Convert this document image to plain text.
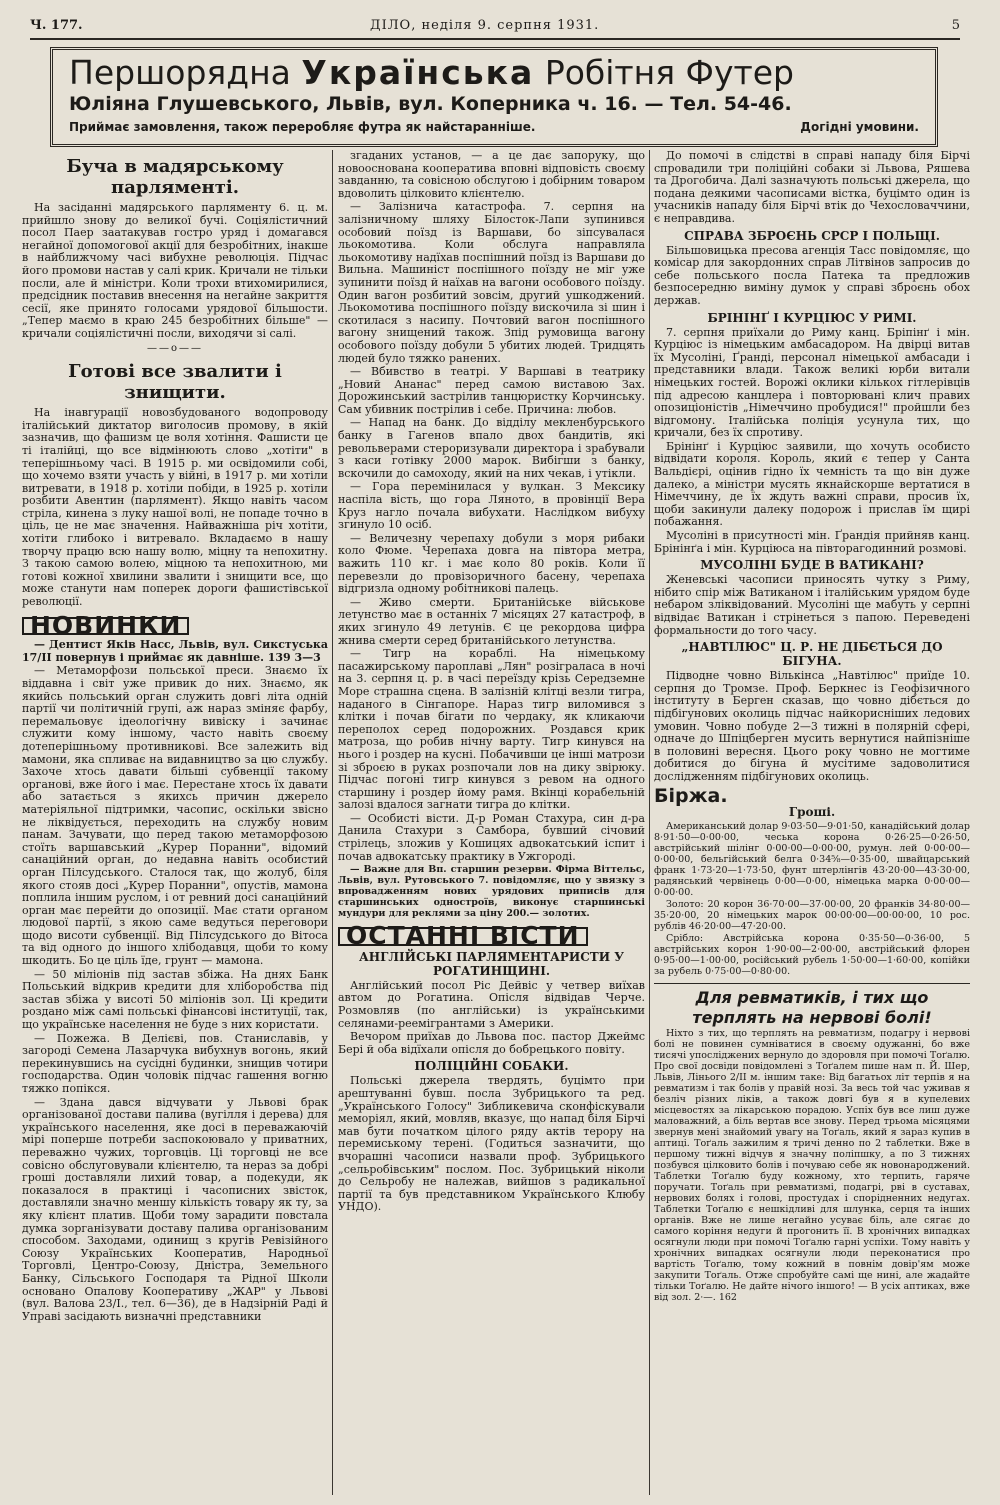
Ч. 177.	ДІЛО, неділя 9. серпня 1931.	5
Першорядна Українська Робітня Футер
Юліяна Глушевського, Львів, вул. Коперника ч. 16. — Тел. 54-46.
Приймає замовлення, також переробляє футра як найстаранніше.	Догідні умовини.
Буча в мадярському парляменті.

На засіданні мадярського парляменту 6. ц. м. прийшло знову до великої бучі. Соціялістичний посол Паер заатакував гостро уряд і домагався негайної допомогової акції для безробітних, інакше в найближчому часі вибухне революція. Підчас його промови настав у салі крик. Кричали не тільки посли, але й міністри. Коли трохи втихомирилися, предсідник поставив внесення на негайне закриття сесії, яке принято голосами урядової більшости. „Тепер маємо в краю 245 безробітних більше" — кричали соціялістичні посли, виходячи зі салі.

——o——
Готові все звалити і знищити.

На інавгурації новозбудованого водопроводу італійський диктатор виголосив промову, в якій зазначив, що фашизм це воля хотіння. Фашисти це ті італійці, що все відмінюють слово „хотіти" в теперішньому часі. В 1915 р. ми освідомили собі, що хочемо взяти участь у війні, в 1917 р. ми хотіли витревати, в 1918 р. хотіли побіди, в 1925 р. хотіли розбити Авентин (парлямент). Якщо навіть часом стріла, кинена з луку нашої волі, не попаде точно в ціль, це не має значення. Найважніша річ хотіти, хотіти глибоко і витревало. Вкладаємо в нашу творчу працю всю нашу волю, міцну та непохитну. З такою самою волею, міцною та непохитною, ми готові кожної хвилини звалити і знищити все, що може станути нам поперек дороги фашистівської революції.

НОВИНКИ

— Дентист Яків Насс, Львів, вул. Сикстуська 17/ІІ повернув і приймає як давніше. 139 3—3

— Метаморфози польської преси. Знаємо їх віддавна і світ уже привик до них. Знаємо, як якийсь польський орган служить довгі літа одній партії чи політичній групі, аж нараз зміняє фарбу, перемальовує ідеологічну вивіску і зачинає служити кому іншому, часто навіть своєму дотеперішньому противникові. Все залежить від мамони, яка спливає на видавництво за цю службу. Захоче хтось давати більші субвенції такому органові, вже його і має. Перестане хтось їх давати або затається з якихсь причин джерело матеріяльної підтримки, часопис, оскільки звісно не ліквідується, переходить на службу новим панам. Зачувати, що перед такою метаморфозою стоїть варшавський „Курер Поранни", відомий санаційний орган, до недавна навіть особистий орган Пілсудського. Сталося так, що жолуб, біля якого стояв досі „Курер Поранни", опустів, мамона поплила іншим руслом, і от ревний досі санаційний орган має перейти до опозиції. Має стати органом людової партії, з якою саме ведуться переговори щодо висоти субвенції. Від Пілсудського до Вітоса та від одного до іншого хлібодавця, щоби то кому шкодить. Бо це ціль їде, грунт — мамона.

— 50 міліонів під застав збіжа. На днях Банк Польський відкрив кредити для хліборобства під застав збіжа у висоті 50 міліонів зол. Ці кредити роздано між самі польські фінансові інституції, так, що українське населення не буде з них користати.

— Пожежа. В Делієві, пов. Станиславів, у загороді Семена Лазарчука вибухнув вогонь, який перекинувшись на сусідні будинки, знищив чотири господарства. Один чоловік підчас гашення вогню тяжко попікся.

— Здана дався відчувати у Львові брак організованої достави палива (вугілля і дерева) для українського населення, яке досі в переважаючій мірі поперше потреби заспокоювало у приватних, переважно чужих, торговців. Ці торговці не все совісно обслуговували клієнтелю, та нераз за добрі гроші доставляли лихий товар, а подекуди, як показалося в практиці і часописних звісток, доставляли значно меншу кількість товару як ту, за яку клієнт платив. Щоби тому зарадити повстала думка зорганізувати доставу палива організованим способом. Заходами, одинищ з кругів Ревізійного Союзу Українських Кооператив, Народньої Торговлі, Центро-Союзу, Дністра, Земельного Банку, Сільського Господаря та Рідної Школи основано Опалову Кооперативу „ЖАР" у Львові (вул. Валова 23/І., тел. 6—36), де в Надзірній Раді й Управі засідають визначні представники

згаданих установ, — а це дає запоруку, що новооснована кооператива вповні відповість своєму завданню, та совісною обслугою і добірним товаром вдоволить цілковито клієнтелю.

— Залізнича катастрофа. 7. серпня на залізничному шляху Білосток-Лапи зупинився особовий поїзд із Варшави, бо зіпсувалася льокомотива. Коли обслуга направляла льокомотиву надїхав поспішний поїзд із Варшави до Вильна. Машиніст поспішного поїзду не міг уже зупинити поїзд й наїхав на вагони особового поїзду. Один вагон розбитий зовсім, другий ушкоджений. Льокомотива поспішного поїзду вискочила зі шин і скотилася з насипу. Почтовий вагон поспішного вагону знищений також. Зпід румовища вагону особового поїзду добули 5 убитих людей. Тридцять людей було тяжко ранених.

— Вбивство в театрі. У Варшаві в театрику „Новий Ананас" перед самою виставою Зах. Дорожинський застрілив танцюристку Корчинську. Сам убивник пострілив і себе. Причина: любов.

— Напад на банк. До відділу мекленбурського банку в Гагенов впало двох бандитів, які револьверами стероризували директора і зрабували з каси готівку 2000 марок. Вибігши з банку, вскочили до самоходу, який на них чекав, і утікли.

— Гора перемінилася у вулкан. З Мексику наспіла вість, що гора Ляното, в провінції Вера Круз нагло почала вибухати. Наслідком вибуху згинуло 10 осіб.

— Величезну черепаху добули з моря рибаки коло Фюме. Черепаха довга на півтора метра, важить 110 кг. і має коло 80 років. Коли її перевезли до провізоричного басену, черепаха відгризла одному робітникові палець.

— Живо смерти. Британійське військове летунство має в останніх 7 місяцях 27 катастроф, в яких згинуло 49 летунів. Є це рекордова цифра жнива смерти серед британійського летунства.

— Тигр на кораблі. На німецькому пасажирському пароплаві „Лян" розіграласа в ночі на 3. серпня ц. р. в часі переїзду крізь Середземне Море страшна сцена. В залізній клітці везли тигра, наданого в Сінгапоре. Нараз тигр виломився з клітки і почав бігати по чердаку, як кликаючи переполох серед подорожних. Роздався крик матроза, що робив нічну варту. Тигр кинувся на нього і роздер на кусні. Побачивши це інші матрози зі зброєю в руках розпочали лов на дику звірюку. Підчас погоні тигр кинувся з ревом на одного старшину і роздер йому рамя. Вкінці корабельній залозі вдалося загнати тигра до клітки.

— Особисті вісти. Д-р Роман Стахура, син д-ра Данила Стахури з Самбора, бувший січовий стрілець, зложив у Кошицях адвокатський іспит і почав адвокатську практику в Ужгороді.

— Важне для Вп. старшин резерви. Фірма Віттельс, Львів, вул. Рутовського 7. повідомляє, що у звязку з впровадженням нових урядових приписів для старшинських одностроїв, виконує старшинські мундури для реклями за ціну 200.— золотих.

ОСТАННІ ВІСТИ
АНГЛІЙСЬКІ ПАРЛЯМЕНТАРИСТИ У РОГАТИНЩИНІ.

Англійський посол Ріс Дейвіс у четвер виїхав автом до Рогатина. Опісля відвідав Черче. Розмовляв (по англійськи) із українськими селянами-реемігрантами з Америки.

Вечором приїхав до Львова пос. пастор Джеймс Бері й оба відїхали опісля до бобрецького повіту.

ПОЛІЦІЙНІ СОБАКИ.

Польські джерела твердять, буцімто при арештуванні бувш. посла Зубрицького та ред. „Українського Голосу" Зибликевича сконфіскували меморіял, який, мовляв, вказує, що напад біля Бірчі мав бути початком цілого ряду актів терору на перемиському терені. (Годиться зазначити, що вчорашні часописи назвали проф. Зубрицького „сельробівським" послом. Пос. Зубрицький ніколи до Сельробу не належав, вийшов з радикальної партії та був представником Українського Клюбу УНДО).

До помочі в слідстві в справі нападу біля Бірчі спровадили три поліційні собаки зі Львова, Ряшева та Дрогобича. Далі зазначують польські джерела, що подана деякими часописами вістка, буцімто один із учасників нападу біля Бірчі втік до Чехословаччини, є неправдива.

СПРАВА ЗБРОЄНЬ СРСР І ПОЛЬЩІ.

Більшовицька пресова агенція Тасс повідомляє, що комісар для закордонних справ Літвінов запросив до себе польського посла Патека та предложив безпосередню виміну думок у справі зброєнь обох держав.

БРІНІНҐ І КУРЦІЮС У РИМІ.

7. серпня приїхали до Риму канц. Бріпінґ і мін. Курціюс із німецьким амбасадором. На двірці витав їх Мусоліні, Ґранді, персонал німецької амбасади і представники влади. Також великі юрби витали німецьких гостей. Ворожі оклики кількох гітлерівців під адресою канцлера і повторювані клич правих опозиціоністів „Німеччино пробудися!" пройшли без відгомону. Італійська поліція усунула тих, що кричали, без їх спротиву.

Брінінґ і Курціюс заявили, що хочуть особисто відвідати короля. Король, який є тепер у Санта Вальдієрі, оцінив гідно їх чемність та що він дуже далеко, а міністри мусять якнайскорше вертатися в Німеччину, де їх ждуть важні справи, просив їх, щоби закинули далеку подорож і прислав їм щирі побажання.

Мусоліні в присутності мін. Ґрандія прийняв канц. Брінінґа і мін. Курціюса на півторагодинний розмові.

МУСОЛІНІ БУДЕ В ВАТИКАНІ?

Женевські часописи приносять чутку з Риму, нібито спір між Ватиканом і італійським урядом буде небаром зліквідований. Мусоліні ще мабуть у серпні відвідає Ватикан і стрінеться з папою. Переведені формальности до того часу.

„НАВТІЛЮС" Ц. Р. НЕ ДІБЄТЬСЯ ДО БІГУНА.

Підводне човно Вількінса „Навтілюс" приїде 10. серпня до Тромзе. Проф. Беркнес із Геофізичного інституту в Берген сказав, що човно дібється до підбігунових околиць підчас найкорисніших ледових умовин. Човно побуде 2—3 тижні в полярній сфері, одначе до Шпіцберген мусить вернутися найпізніше в половині вересня. Цього року човно не могтиме добитися до бігуна й мусітиме задоволитися дослідженням підбігунових околиць.

Біржа.
Гроші.

Американський долар 9·03·50—9·01·50, канадійський долар 8·91·50—0·00·00, чеська корона 0·26·25—0·26·50, австрійський шілінг 0·00·00—0·00·00, румун. лей 0·00·00—0·00·00, бельгійський белга 0·34⅝—0·35·00, швайцарський франк 1·73·20—1·73·50, фунт штерлінгів 43·20·00—43·30·00, радянський червінець 0·00—0·00, німецька марка 0·00·00—0·00·00.

Золото: 20 корон 36·70·00—37·00·00, 20 франків 34·80·00—35·20·00, 20 німецьких марок 00·00·00—00·00·00, 10 рос. рублів 46·20·00—47·20·00.

Срібло: Австрійська корона 0·35·50—0·36·00, 5 австрійських корон 1·90·00—2·00·00, австрійський флорен 0·95·00—1·00·00, російський рубель 1·50·00—1·60·00, копійки за рубель 0·75·00—0·80·00.

Для ревматиків, і тих що терплять на нервові болі!

Ніхто з тих, що терплять на ревматизм, подагру і нервові болі не повинен сумніватися в своєму одужанні, бо вже тисячі упосліджених вернуло до здоровля при помочі Тоґалю. Про свої досвіди повідомлені з Тоґалем пише нам п. Й. Шер, Львів, Лінього 2/ІІ м. іншим таке: Від багатьох літ терпів я на ревматизм і так болів у правій нозі. За весь той час уживав я безліч різних ліків, а також довгі був я в купелевих місцевостях за лікарською порадою. Успіх був все лиш дуже маловажний, а біль вертав все знову. Перед трьома місяцями звернув мені знайомий увагу на Тоґаль, який я зараз купив в аптиці. Тоґаль зажилим я тричі денно по 2 таблетки. Вже в першому тижні відчув я значну поліпшку, а по 3 тижнях позбувся цілковито болів і почуваю себе як новонароджений. Таблетки Тоґалю буду кожному, хто терпить, гаряче поручати. Тоґаль при ревматизмі, подагрі, рві в суставах, нервових болях і голові, простудах і спорідненних недугах. Таблетки Тоґалю є нешкідливі для шлунка, серця та інших органів. Вже не лише негайно усуває біль, але сягає до самого коріння недуги й прогонить її. В хронічних випадках осягнули люди при помочі Тоґалю гарні успіхи. Тому навіть у хронічних випадках осягнули люди переконатися про вартість Тоґалю, тому кожний в повнім довір'ям може закупити Тоґаль. Отже спробуйте самі ще нині, але жадайте тільки Тоґалю. Не дайте нічого іншого! — В усіх аптиках, вже від зол. 2·—. 162
